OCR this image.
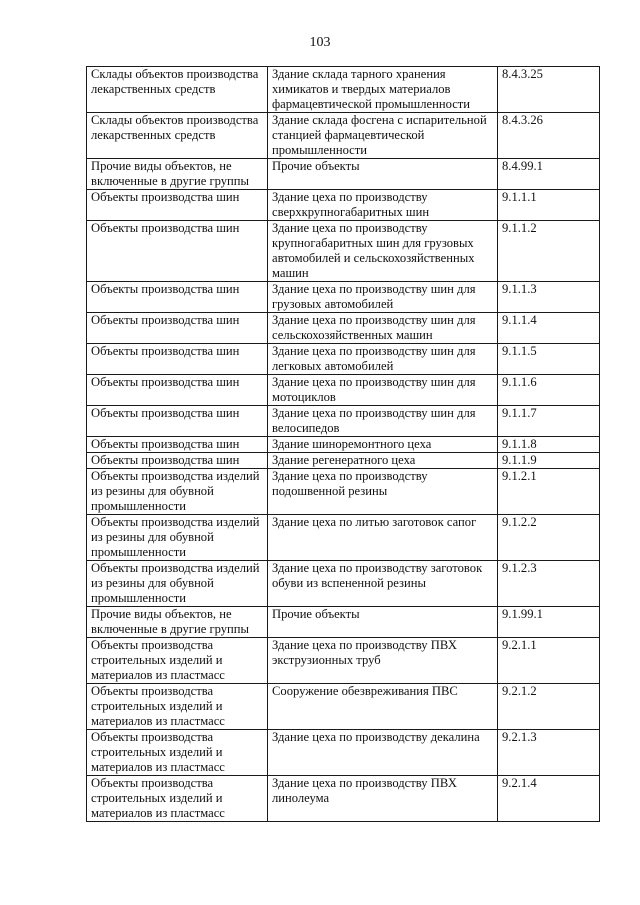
103
Склады объектов производства лекарственных средств	Здание склада тарного хранения химикатов и твердых материалов фармацевтической промышленности	8.4.3.25
Склады объектов производства лекарственных средств	Здание склада фосгена с испарительной станцией фармацевтической промышленности	8.4.3.26
Прочие виды объектов, не включенные в другие группы	Прочие объекты	8.4.99.1
Объекты производства шин	Здание цеха по производству сверхкрупногабаритных шин	9.1.1.1
Объекты производства шин	Здание цеха по производству крупногабаритных шин для грузовых автомобилей и сельскохозяйственных машин	9.1.1.2
Объекты производства шин	Здание цеха по производству шин для грузовых автомобилей	9.1.1.3
Объекты производства шин	Здание цеха по производству шин для сельскохозяйственных машин	9.1.1.4
Объекты производства шин	Здание цеха по производству шин для легковых автомобилей	9.1.1.5
Объекты производства шин	Здание цеха по производству шин для мотоциклов	9.1.1.6
Объекты производства шин	Здание цеха по производству шин для велосипедов	9.1.1.7
Объекты производства шин	Здание шиноремонтного цеха	9.1.1.8
Объекты производства шин	Здание регенератного цеха	9.1.1.9
Объекты производства изделий из резины для обувной промышленности	Здание цеха по производству подошвенной резины	9.1.2.1
Объекты производства изделий из резины для обувной промышленности	Здание цеха по литью заготовок сапог	9.1.2.2
Объекты производства изделий из резины для обувной промышленности	Здание цеха по производству заготовок обуви из вспененной резины	9.1.2.3
Прочие виды объектов, не включенные в другие группы	Прочие объекты	9.1.99.1
Объекты производства строительных изделий и материалов из пластмасс	Здание цеха по производству ПВХ экструзионных труб	9.2.1.1
Объекты производства строительных изделий и материалов из пластмасс	Сооружение обезвреживания ПВС	9.2.1.2
Объекты производства строительных изделий и материалов из пластмасс	Здание цеха по производству декалина	9.2.1.3
Объекты производства строительных изделий и материалов из пластмасс	Здание цеха по производству ПВХ линолеума	9.2.1.4
